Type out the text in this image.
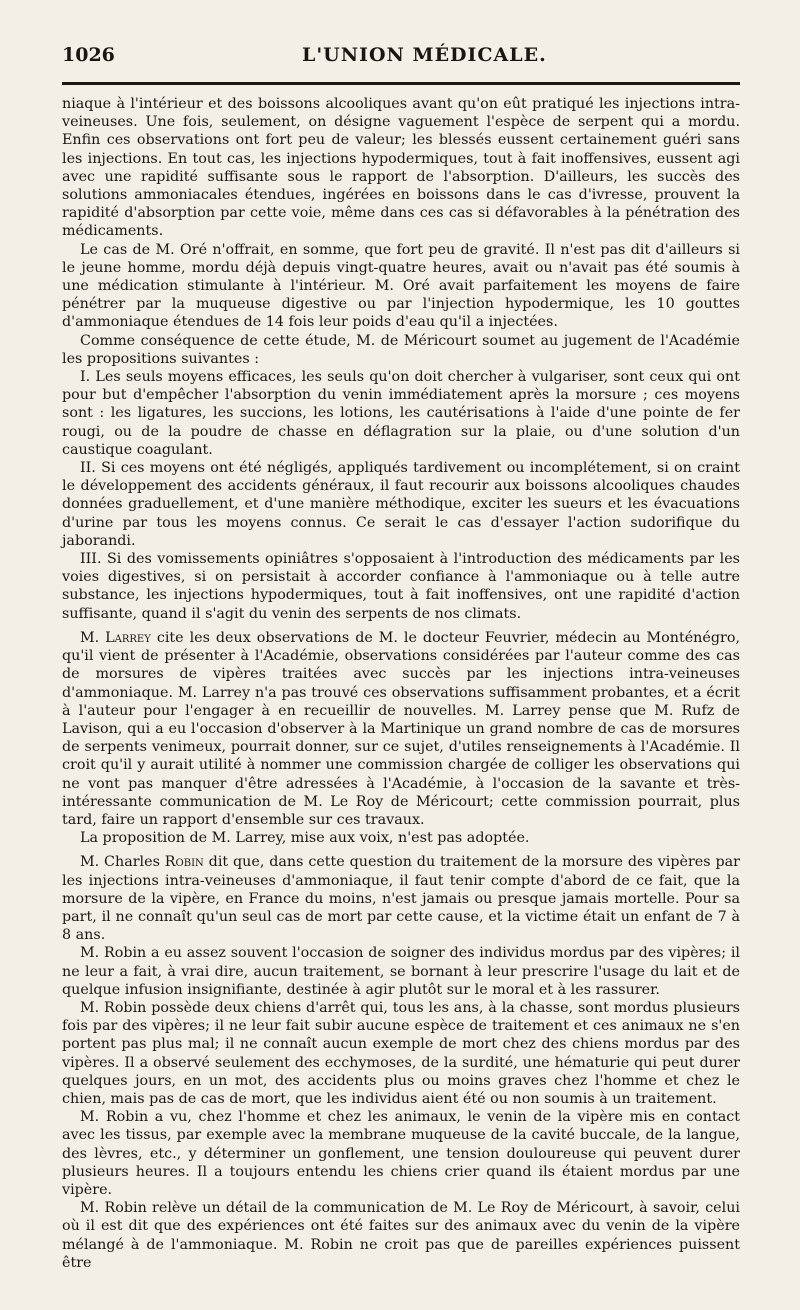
1026	L'UNION MÉDICALE.

niaque à l'intérieur et des boissons alcooliques avant qu'on eût pratiqué les injections intra-veineuses. Une fois, seulement, on désigne vaguement l'espèce de serpent qui a mordu. Enfin ces observations ont fort peu de valeur; les blessés eussent certainement guéri sans les injections. En tout cas, les injections hypodermiques, tout à fait inoffensives, eussent agi avec une rapidité suffisante sous le rapport de l'absorption. D'ailleurs, les succès des solutions ammoniacales étendues, ingérées en boissons dans le cas d'ivresse, prouvent la rapidité d'absorption par cette voie, même dans ces cas si défavorables à la pénétration des médicaments.

Le cas de M. Oré n'offrait, en somme, que fort peu de gravité. Il n'est pas dit d'ailleurs si le jeune homme, mordu déjà depuis vingt-quatre heures, avait ou n'avait pas été soumis à une médication stimulante à l'intérieur. M. Oré avait parfaitement les moyens de faire pénétrer par la muqueuse digestive ou par l'injection hypodermique, les 10 gouttes d'ammoniaque étendues de 14 fois leur poids d'eau qu'il a injectées.

Comme conséquence de cette étude, M. de Méricourt soumet au jugement de l'Académie les propositions suivantes :

I. Les seuls moyens efficaces, les seuls qu'on doit chercher à vulgariser, sont ceux qui ont pour but d'empêcher l'absorption du venin immédiatement après la morsure ; ces moyens sont : les ligatures, les succions, les lotions, les cautérisations à l'aide d'une pointe de fer rougi, ou de la poudre de chasse en déflagration sur la plaie, ou d'une solution d'un caustique coagulant.

II. Si ces moyens ont été négligés, appliqués tardivement ou incomplétement, si on craint le développement des accidents généraux, il faut recourir aux boissons alcooliques chaudes données graduellement, et d'une manière méthodique, exciter les sueurs et les évacuations d'urine par tous les moyens connus. Ce serait le cas d'essayer l'action sudorifique du jaborandi.

III. Si des vomissements opiniâtres s'opposaient à l'introduction des médicaments par les voies digestives, si on persistait à accorder confiance à l'ammoniaque ou à telle autre substance, les injections hypodermiques, tout à fait inoffensives, ont une rapidité d'action suffisante, quand il s'agit du venin des serpents de nos climats.

M. Larrey cite les deux observations de M. le docteur Feuvrier, médecin au Monténégro, qu'il vient de présenter à l'Académie, observations considérées par l'auteur comme des cas de morsures de vipères traitées avec succès par les injections intra-veineuses d'ammoniaque. M. Larrey n'a pas trouvé ces observations suffisamment probantes, et a écrit à l'auteur pour l'engager à en recueillir de nouvelles. M. Larrey pense que M. Rufz de Lavison, qui a eu l'occasion d'observer à la Martinique un grand nombre de cas de morsures de serpents venimeux, pourrait donner, sur ce sujet, d'utiles renseignements à l'Académie. Il croit qu'il y aurait utilité à nommer une commission chargée de colliger les observations qui ne vont pas manquer d'être adressées à l'Académie, à l'occasion de la savante et très-intéressante communication de M. Le Roy de Méricourt; cette commission pourrait, plus tard, faire un rapport d'ensemble sur ces travaux.

La proposition de M. Larrey, mise aux voix, n'est pas adoptée.

M. Charles Robin dit que, dans cette question du traitement de la morsure des vipères par les injections intra-veineuses d'ammoniaque, il faut tenir compte d'abord de ce fait, que la morsure de la vipère, en France du moins, n'est jamais ou presque jamais mortelle. Pour sa part, il ne connaît qu'un seul cas de mort par cette cause, et la victime était un enfant de 7 à 8 ans.

M. Robin a eu assez souvent l'occasion de soigner des individus mordus par des vipères; il ne leur a fait, à vrai dire, aucun traitement, se bornant à leur prescrire l'usage du lait et de quelque infusion insignifiante, destinée à agir plutôt sur le moral et à les rassurer.

M. Robin possède deux chiens d'arrêt qui, tous les ans, à la chasse, sont mordus plusieurs fois par des vipères; il ne leur fait subir aucune espèce de traitement et ces animaux ne s'en portent pas plus mal; il ne connaît aucun exemple de mort chez des chiens mordus par des vipères. Il a observé seulement des ecchymoses, de la surdité, une hématurie qui peut durer quelques jours, en un mot, des accidents plus ou moins graves chez l'homme et chez le chien, mais pas de cas de mort, que les individus aient été ou non soumis à un traitement.

M. Robin a vu, chez l'homme et chez les animaux, le venin de la vipère mis en contact avec les tissus, par exemple avec la membrane muqueuse de la cavité buccale, de la langue, des lèvres, etc., y déterminer un gonflement, une tension douloureuse qui peuvent durer plusieurs heures. Il a toujours entendu les chiens crier quand ils étaient mordus par une vipère.

M. Robin relève un détail de la communication de M. Le Roy de Méricourt, à savoir, celui où il est dit que des expériences ont été faites sur des animaux avec du venin de la vipère mélangé à de l'ammoniaque. M. Robin ne croit pas que de pareilles expériences puissent être
